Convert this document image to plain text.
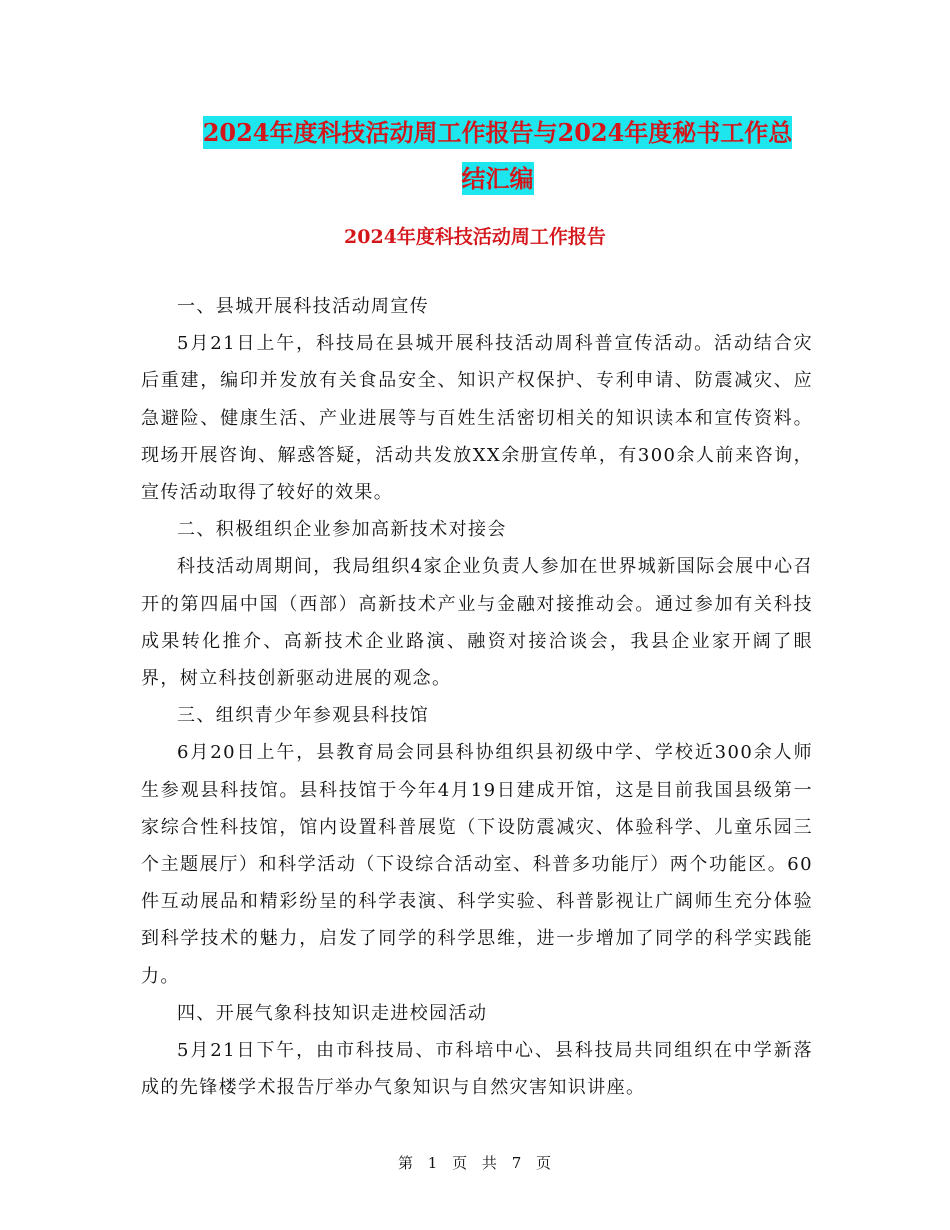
2024年度科技活动周工作报告与2024年度秘书工作总
结汇编
2024年度科技活动周工作报告

一、县城开展科技活动周宣传

5月21日上午，科技局在县城开展科技活动周科普宣传活动。活动结合灾后重建，编印并发放有关食品安全、知识产权保护、专利申请、防震减灾、应急避险、健康生活、产业进展等与百姓生活密切相关的知识读本和宣传资料。现场开展咨询、解惑答疑，活动共发放XX余册宣传单，有300余人前来咨询，宣传活动取得了较好的效果。

二、积极组织企业参加高新技术对接会

科技活动周期间，我局组织4家企业负责人参加在世界城新国际会展中心召开的第四届中国（西部）高新技术产业与金融对接推动会。通过参加有关科技成果转化推介、高新技术企业路演、融资对接洽谈会，我县企业家开阔了眼界，树立科技创新驱动进展的观念。

三、组织青少年参观县科技馆

6月20日上午，县教育局会同县科协组织县初级中学、学校近300余人师生参观县科技馆。县科技馆于今年4月19日建成开馆，这是目前我国县级第一家综合性科技馆，馆内设置科普展览（下设防震减灾、体验科学、儿童乐园三个主题展厅）和科学活动（下设综合活动室、科普多功能厅）两个功能区。60件互动展品和精彩纷呈的科学表演、科学实验、科普影视让广阔师生充分体验到科学技术的魅力，启发了同学的科学思维，进一步增加了同学的科学实践能力。

四、开展气象科技知识走进校园活动

5月21日下午，由市科技局、市科培中心、县科技局共同组织在中学新落成的先锋楼学术报告厅举办气象知识与自然灾害知识讲座。

第 1 页 共 7 页
